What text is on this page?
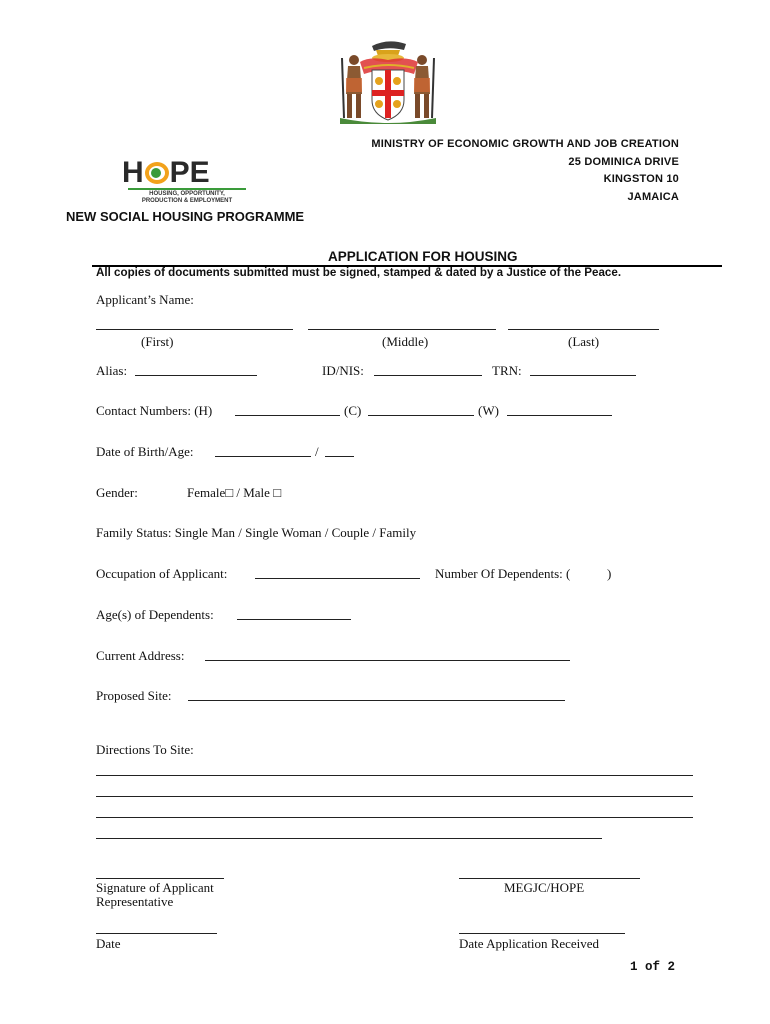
MINISTRY OF ECONOMIC GROWTH AND JOB CREATION
25 DOMINICA DRIVE
KINGSTON 10
JAMAICA
H PE
HOUSING, OPPORTUNITY,
PRODUCTION & EMPLOYMENT
NEW SOCIAL HOUSING PROGRAMME
APPLICATION FOR HOUSING
All copies of documents submitted must be signed, stamped & dated by a Justice of the Peace.
Applicant’s Name:
(First)	(Middle)	(Last)
Alias:	ID/NIS:	TRN:
Contact Numbers: (H)	(C)	(W)
Date of Birth/Age:	/
Gender:	Female□ / Male □
Family Status: Single Man / Single Woman / Couple / Family
Occupation of Applicant:	Number Of Dependents: (	)
Age(s) of Dependents:
Current Address:
Proposed Site:
Directions To Site:
Signature of Applicant
Representative
MEGJC/HOPE
Date	Date Application Received
1 of 2
